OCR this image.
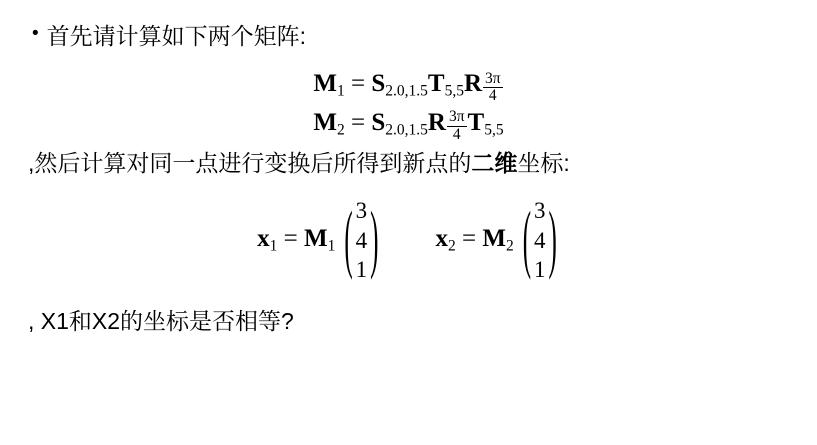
• 首先请计算如下两个矩阵:
$M_1 = S_{2.0,1.5}T_{5,5}R \frac{3\pi}{4}$
$M_2 = S_{2.0,1.5}R \frac{3\pi}{4} T_{5,5}$
,然后计算对同一点进行变换后所得到新点的二维坐标:
$x_1 = M_1$ ( 3
4
1 ) $x_2 = M_2$ ( 3
4
1 )
, X1和X2的坐标是否相等?
